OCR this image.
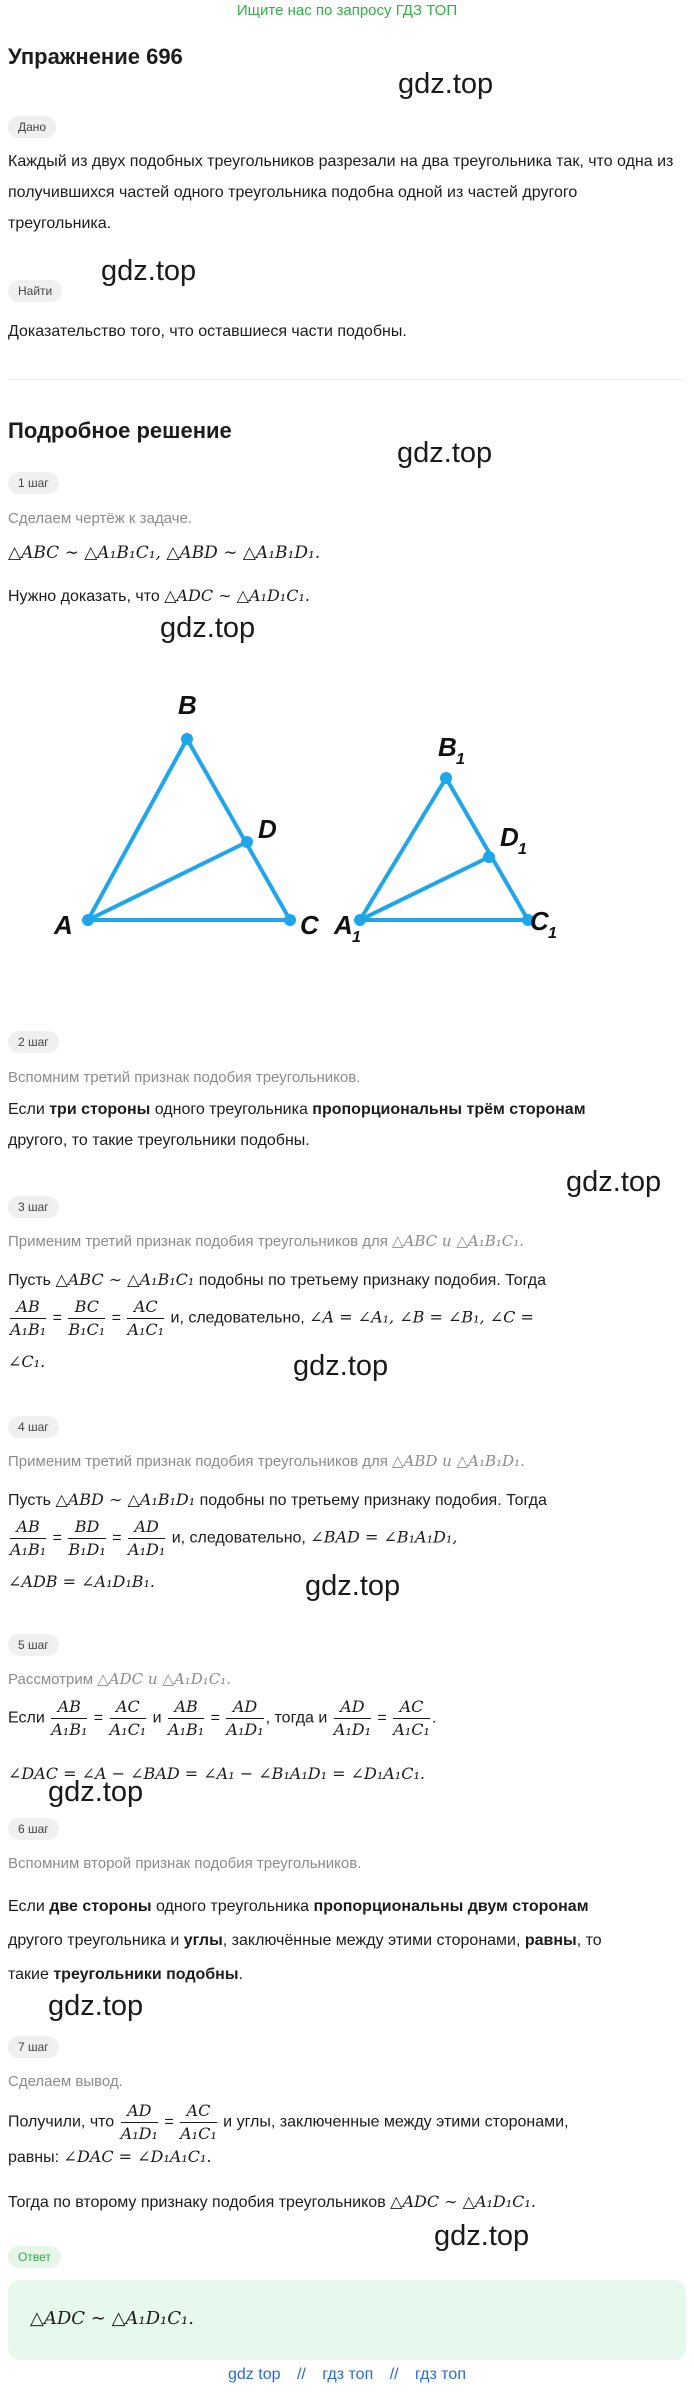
Ищите нас по запросу ГДЗ ТОП
Упражнение 696
gdz.top
Дано
Каждый из двух подобных треугольников разрезали на два треугольника так, что одна из получившихся частей одного треугольника подобна одной из частей другого треугольника.
Найти
gdz.top
Доказательство того, что оставшиеся части подобны.
Подробное решение
gdz.top
1 шаг
Сделаем чертёж к задаче.
△ABC ∼ △A₁B₁C₁, △ABD ∼ △A₁B₁D₁.
Нужно доказать, что △ADC ∼ △A₁D₁C₁.
gdz.top
A
B
C
D
A 1
B 1
C 1
D 1
2 шаг
Вспомним третий признак подобия треугольников.
Если три стороны одного треугольника пропорциональны трём сторонам
другого, то такие треугольники подобны.
gdz.top
3 шаг
Применим третий признак подобия треугольников для △ABC и △A₁B₁C₁.
Пусть △ABC ∼ △A₁B₁C₁ подобны по третьему признаку подобия. Тогда
$\frac{AB}{\text{A₁B₁}} = \frac{BC}{\text{B₁C₁}} = \frac{AC}{\text{A₁C₁}} и$, следовательно, ∠A = ∠A₁, ∠B = ∠B₁, ∠C =
∠C₁.	gdz.top
4 шаг
Применим третий признак подобия треугольников для △ABD и △A₁B₁D₁.
Пусть △ABD ∼ △A₁B₁D₁ подобны по третьему признаку подобия. Тогда
$\frac{AB}{\text{A₁B₁}} = \frac{BD}{\text{B₁D₁}} = \frac{AD}{\text{A₁D₁}} и$, следовательно, ∠BAD = ∠B₁A₁D₁,
∠ADB = ∠A₁D₁B₁.	gdz.top
5 шаг
Рассмотрим △ADC и △A₁D₁C₁.
Если $\frac{AB}{\text{A₁B₁}} = \frac{AC}{\text{A₁C₁}}$ и $\frac{AB}{\text{A₁B₁}} = \frac{AD}{\text{A₁D₁}}$ , тогда и $\frac{AD}{\text{A₁D₁}} = \frac{AC}{\text{A₁C₁}}$ .
∠DAC = ∠A − ∠BAD = ∠A₁ − ∠B₁A₁D₁ = ∠D₁A₁C₁.
gdz.top
6 шаг
Вспомним второй признак подобия треугольников.
Если две стороны одного треугольника пропорциональны двум сторонам
другого треугольника и углы, заключённые между этими сторонами, равны, то
такие треугольники подобны.
gdz.top
7 шаг
Сделаем вывод.
Получили, что $\frac{AD}{\text{A₁D₁}} = \frac{AC}{\text{A₁C₁}}$ и углы, заключенные между этими сторонами,
равны: ∠DAC = ∠D₁A₁C₁.
Тогда по второму признаку подобия треугольников △ADC ∼ △A₁D₁C₁.
gdz.top
Ответ
△ADC ∼ △A₁D₁C₁.
gdz top // гдз топ // гдз топ
